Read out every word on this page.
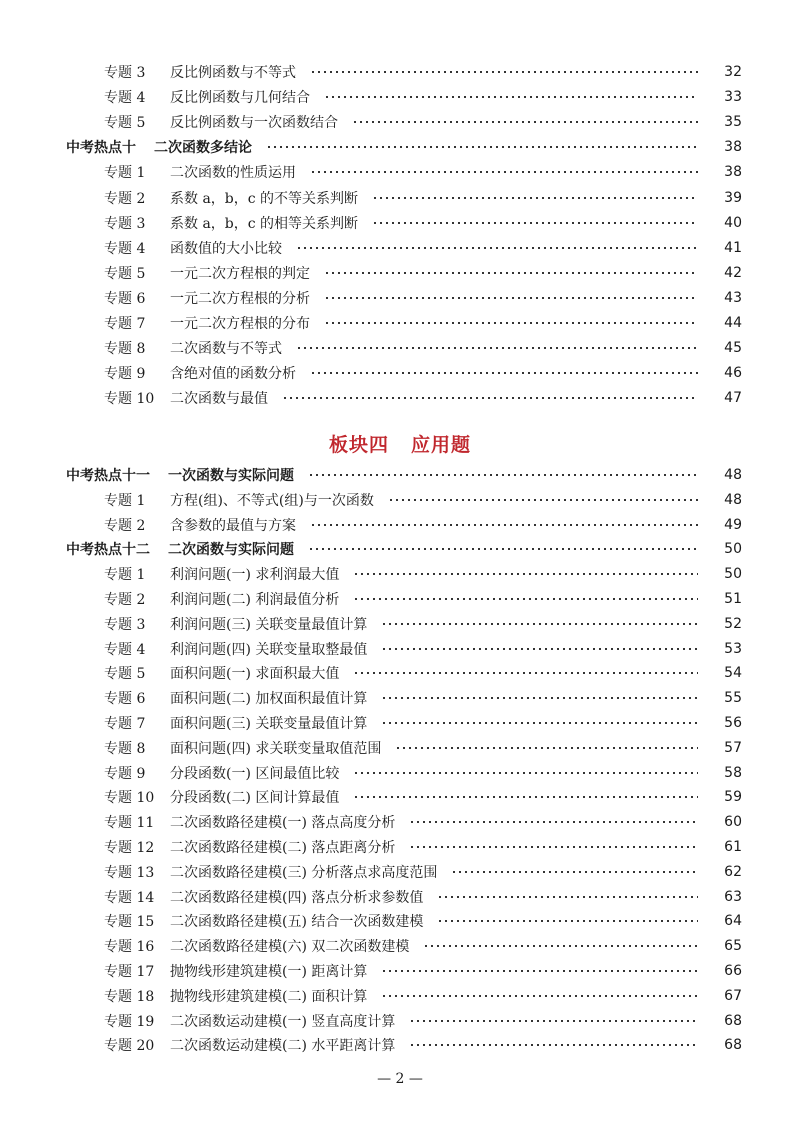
专题 3	反比例函数与不等式	32
专题 4	反比例函数与几何结合	33
专题 5	反比例函数与一次函数结合	35
中考热点十 二次函数多结论	38
专题 1	二次函数的性质运用	38
专题 2	系数 a，b，c 的不等关系判断	39
专题 3	系数 a，b，c 的相等关系判断	40
专题 4	函数值的大小比较	41
专题 5	一元二次方程根的判定	42
专题 6	一元二次方程根的分析	43
专题 7	一元二次方程根的分布	44
专题 8	二次函数与不等式	45
专题 9	含绝对值的函数分析	46
专题 10	二次函数与最值	47
板块四 应用题
中考热点十一 一次函数与实际问题	48
专题 1	方程(组)、不等式(组)与一次函数	48
专题 2	含参数的最值与方案	49
中考热点十二 二次函数与实际问题	50
专题 1	利润问题(一) 求利润最大值	50
专题 2	利润问题(二) 利润最值分析	51
专题 3	利润问题(三) 关联变量最值计算	52
专题 4	利润问题(四) 关联变量取整最值	53
专题 5	面积问题(一) 求面积最大值	54
专题 6	面积问题(二) 加权面积最值计算	55
专题 7	面积问题(三) 关联变量最值计算	56
专题 8	面积问题(四) 求关联变量取值范围	57
专题 9	分段函数(一) 区间最值比较	58
专题 10	分段函数(二) 区间计算最值	59
专题 11	二次函数路径建模(一) 落点高度分析	60
专题 12	二次函数路径建模(二) 落点距离分析	61
专题 13	二次函数路径建模(三) 分析落点求高度范围	62
专题 14	二次函数路径建模(四) 落点分析求参数值	63
专题 15	二次函数路径建模(五) 结合一次函数建模	64
专题 16	二次函数路径建模(六) 双二次函数建模	65
专题 17	抛物线形建筑建模(一) 距离计算	66
专题 18	抛物线形建筑建模(二) 面积计算	67
专题 19	二次函数运动建模(一) 竖直高度计算	68
专题 20	二次函数运动建模(二) 水平距离计算	68
— 2 —
